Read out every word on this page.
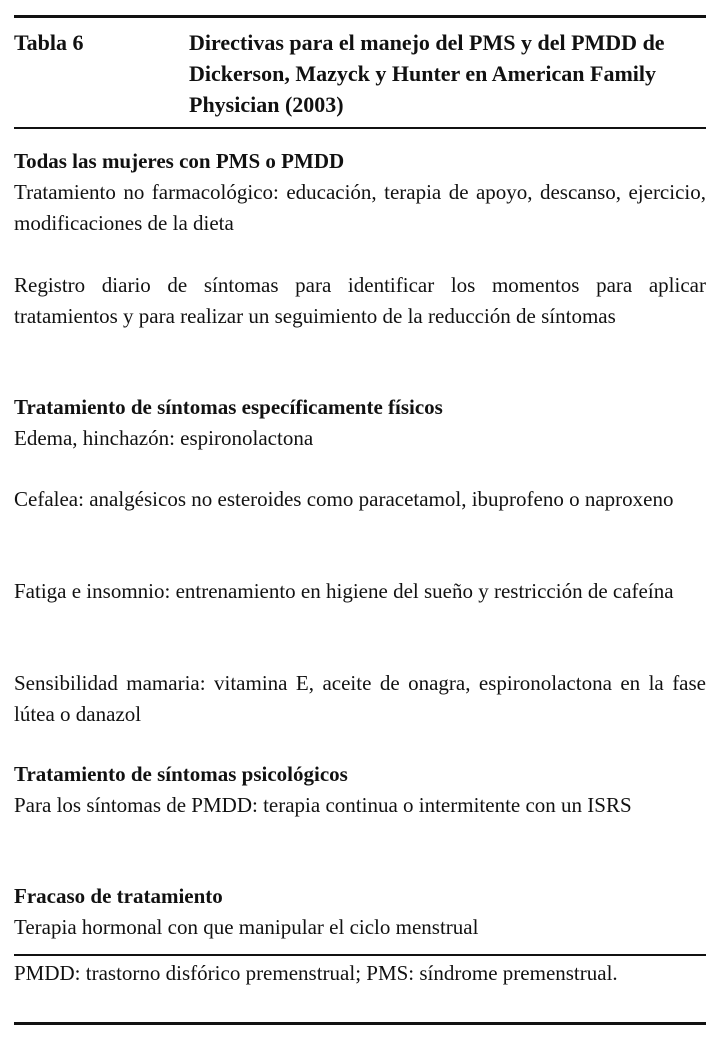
Tabla 6	Directivas para el manejo del PMS y del PMDD de Dickerson, Mazyck y Hunter en American Family Physician (2003)
Todas las mujeres con PMS o PMDD
Tratamiento no farmacológico: educación, terapia de apoyo, descanso, ejercicio, modificaciones de la dieta
Registro diario de síntomas para identificar los momentos para aplicar tratamientos y para realizar un seguimiento de la reducción de síntomas
Tratamiento de síntomas específicamente físicos
Edema, hinchazón: espironolactona
Cefalea: analgésicos no esteroides como paracetamol, ibuprofeno o naproxeno
Fatiga e insomnio: entrenamiento en higiene del sueño y restricción de cafeína
Sensibilidad mamaria: vitamina E, aceite de onagra, espironolactona en la fase lútea o danazol
Tratamiento de síntomas psicológicos
Para los síntomas de PMDD: terapia continua o intermitente con un ISRS
Fracaso de tratamiento
Terapia hormonal con que manipular el ciclo menstrual
PMDD: trastorno disfórico premenstrual; PMS: síndrome premenstrual.
